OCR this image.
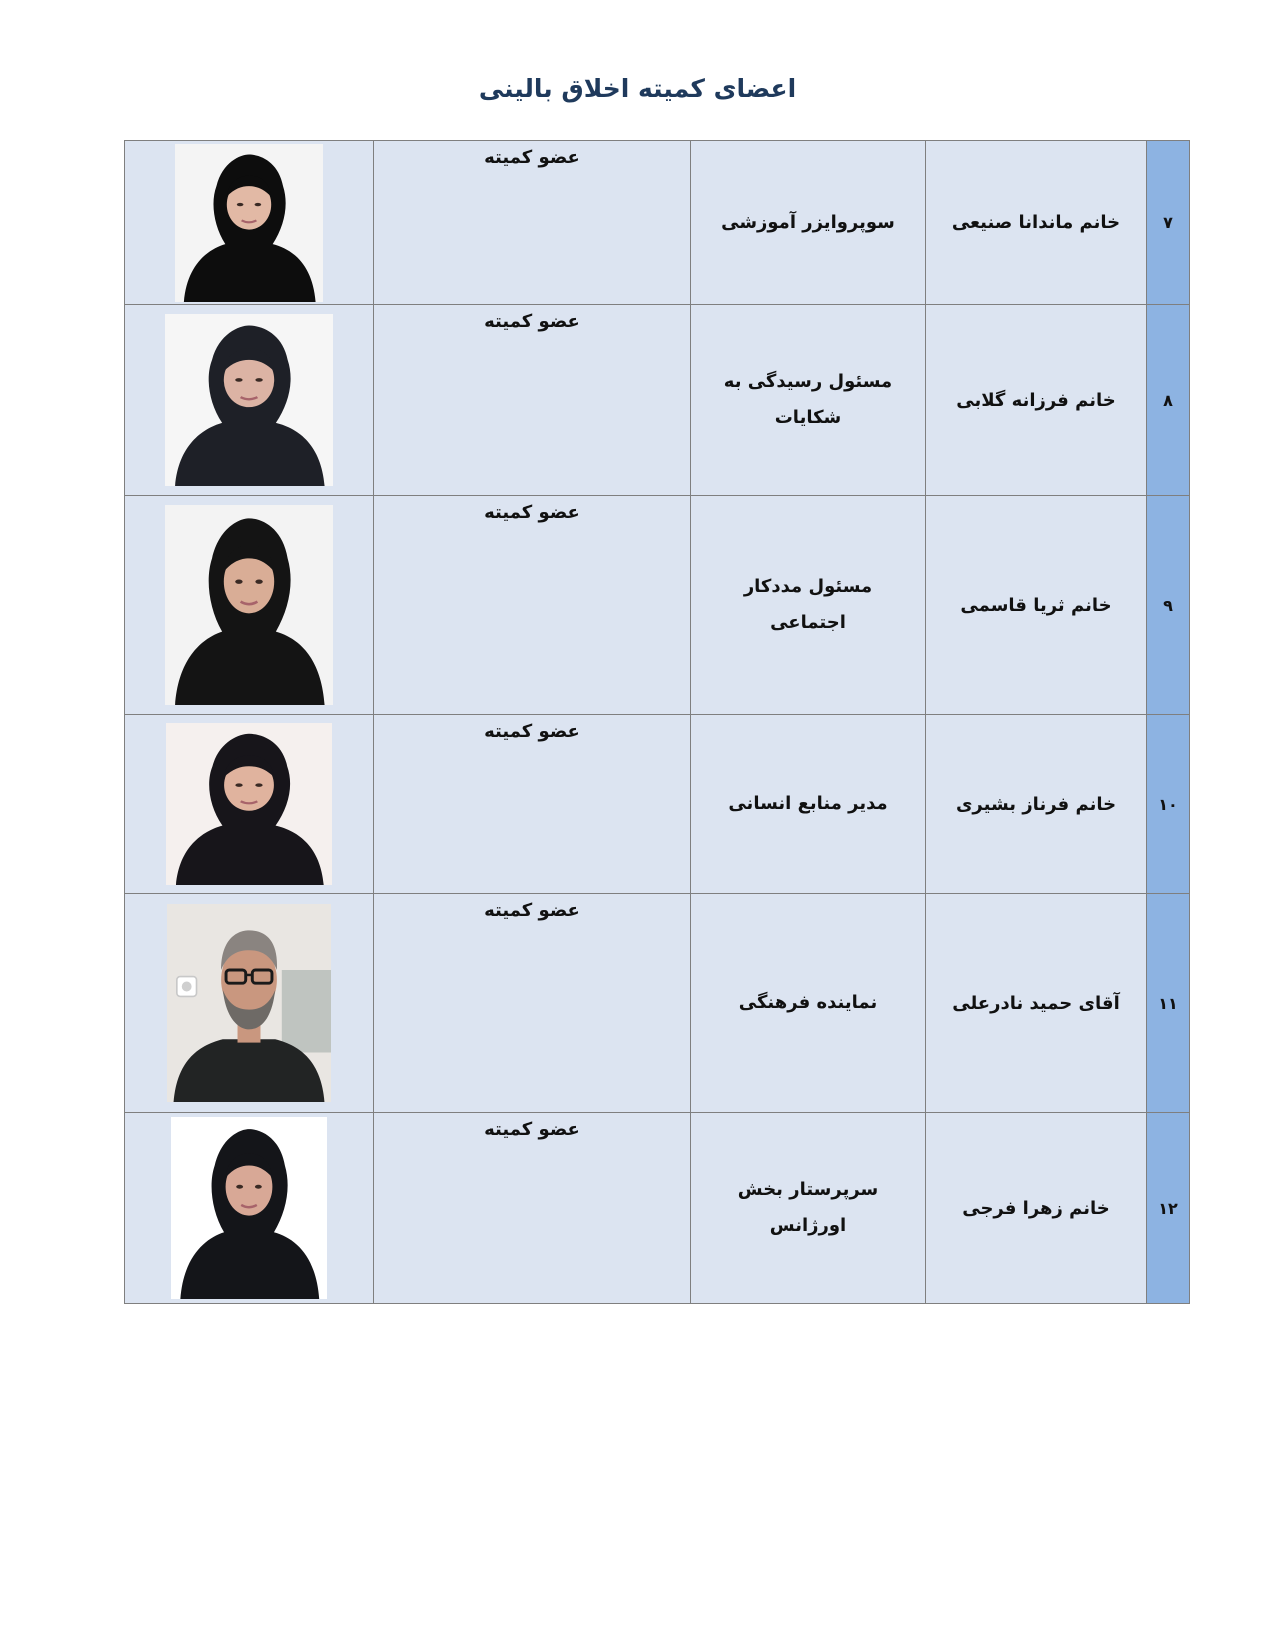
اعضای کمیته اخلاق بالینی
	عضو کمیته	سوپروایزر آموزشی	خانم ماندانا صنیعی	۷

	عضو کمیته	مسئول رسیدگی به شکایات	خانم فرزانه گلابی	۸

	عضو کمیته	مسئول مددکار اجتماعی	خانم ثریا قاسمی	۹

	عضو کمیته	مدیر منابع انسانی	خانم فرناز بشیری	۱۰

	عضو کمیته	نماینده فرهنگی	آقای حمید نادرعلی	۱۱

	عضو کمیته	سرپرستار بخش اورژانس	خانم زهرا فرجی	۱۲
